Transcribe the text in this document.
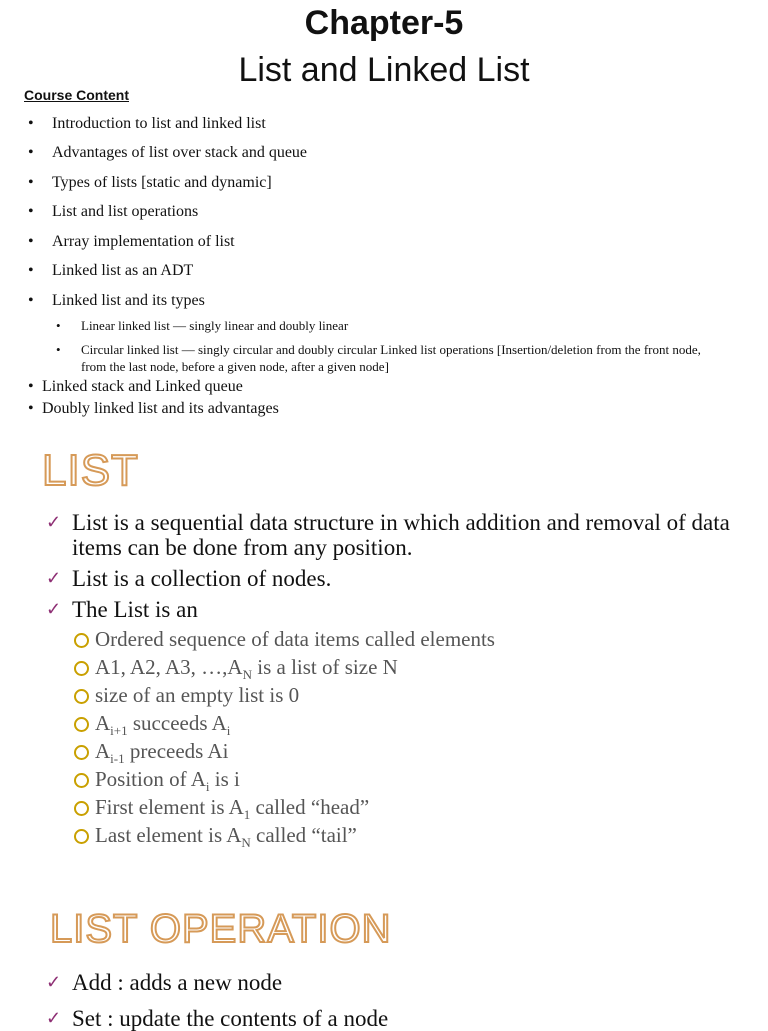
Chapter-5
List and Linked List
Course Content
• Introduction to list and linked list
• Advantages of list over stack and queue
• Types of lists [static and dynamic]
• List and list operations
• Array implementation of list
• Linked list as an ADT
• Linked list and its types
• Linear linked list — singly linear and doubly linear
• Circular linked list — singly circular and doubly circular Linked list operations [Insertion/deletion from the front node, from the last node, before a given node, after a given node]
• Linked stack and Linked queue
• Doubly linked list and its advantages
LIST
✓ List is a sequential data structure in which addition and removal of data items can be done from any position.
✓ List is a collection of nodes.
✓ The List is an
Ordered sequence of data items called elements
A1, A2, A3, $\dots,A_N$ is a list of size N
size of an empty list is 0
$A_{i+1}$ succeeds $A_i$
$A_{i-1}$ preceeds Ai
Position of $A_i$ is i
First element is $A_1$ called “head”
Last element is $A_N$ called “tail”
LIST OPERATION
✓ Add : adds a new node
✓ Set : update the contents of a node
